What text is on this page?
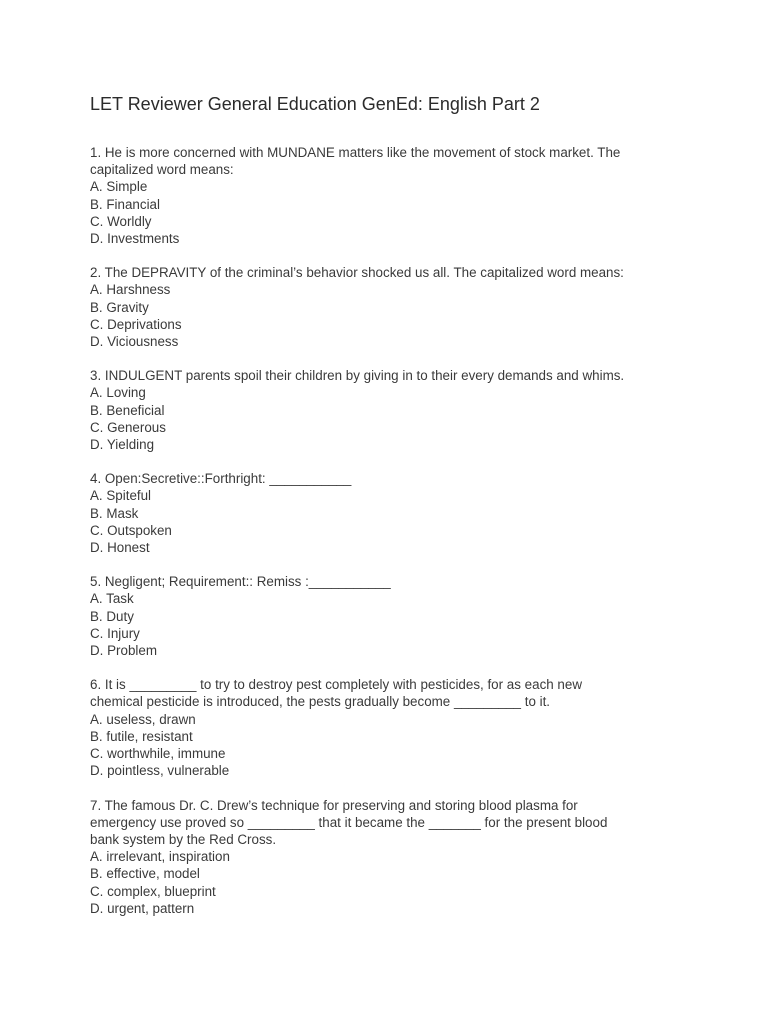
LET Reviewer General Education GenEd: English Part 2
1. He is more concerned with MUNDANE matters like the movement of stock market. The
capitalized word means:
A. Simple
B. Financial
C. Worldly
D. Investments
2. The DEPRAVITY of the criminal’s behavior shocked us all. The capitalized word means:
A. Harshness
B. Gravity
C. Deprivations
D. Viciousness
3. INDULGENT parents spoil their children by giving in to their every demands and whims.
A. Loving
B. Beneficial
C. Generous
D. Yielding
4. Open:Secretive::Forthright: ___________
A. Spiteful
B. Mask
C. Outspoken
D. Honest
5. Negligent; Requirement:: Remiss :___________
A. Task
B. Duty
C. Injury
D. Problem
6. It is _________ to try to destroy pest completely with pesticides, for as each new
chemical pesticide is introduced, the pests gradually become _________ to it.
A. useless, drawn
B. futile, resistant
C. worthwhile, immune
D. pointless, vulnerable
7. The famous Dr. C. Drew’s technique for preserving and storing blood plasma for
emergency use proved so _________ that it became the _______ for the present blood
bank system by the Red Cross.
A. irrelevant, inspiration
B. effective, model
C. complex, blueprint
D. urgent, pattern
